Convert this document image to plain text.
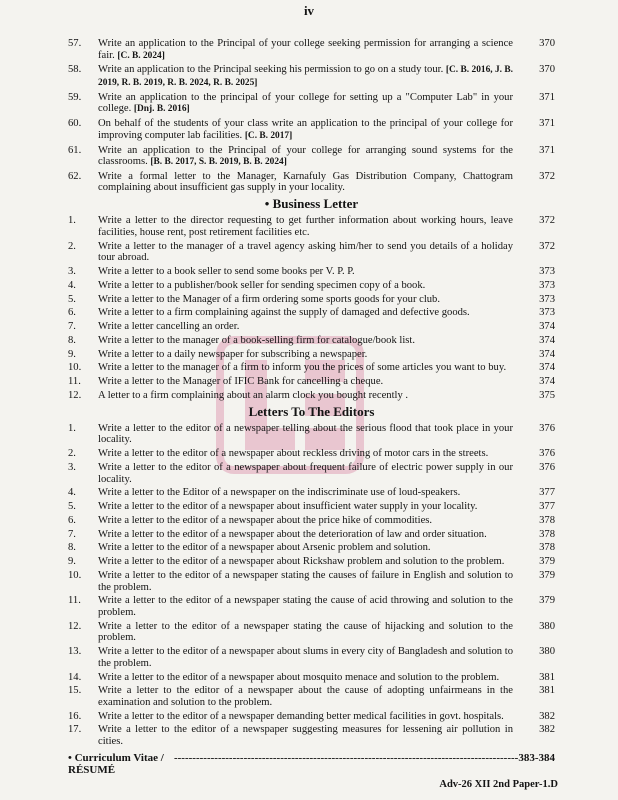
iv
57.	Write an application to the Principal of your college seeking permission for arranging a science fair. [C. B. 2024]
370
58.	Write an application to the Principal seeking his permission to go on a study tour. [C. B. 2016, J. B. 2019, R. B. 2019, R. B. 2024, R. B. 2025]
370
59.	Write an application to the principal of your college for setting up a "Computer Lab" in your college. [Dnj. B. 2016]
371
60.	On behalf of the students of your class write an application to the principal of your college for improving computer lab facilities. [C. B. 2017]
371
61.	Write an application to the Principal of your college for arranging sound systems for the classrooms. [B. B. 2017, S. B. 2019, B. B. 2024]
371
62.	Write a formal letter to the Manager, Karnafuly Gas Distribution Company, Chattogram complaining about insufficient gas supply in your locality.
372
• Business Letter
1.	Write a letter to the director requesting to get further information about working hours, leave facilities, house rent, post retirement facilities etc.
372
2.	Write a letter to the manager of a travel agency asking him/her to send you details of a holiday tour abroad.
372
3.	Write a letter to a book seller to send some books per V. P. P.	373
4.	Write a letter to a publisher/book seller for sending specimen copy of a book.	373
5.	Write a letter to the Manager of a firm ordering some sports goods for your club.	373
6.	Write a letter to a firm complaining against the supply of damaged and defective goods.	373
7.	Write a letter cancelling an order.	374
8.	Write a letter to the manager of a book-selling firm for catalogue/book list.	374
9.	Write a letter to a daily newspaper for subscribing a newspaper.	374
10.	Write a letter to the manager of a firm to inform you the prices of some articles you want to buy.	374
11.	Write a letter to the Manager of IFIC Bank for cancelling a cheque.	374
12.	A letter to a firm complaining about an alarm clock you bought recently .	375
Letters To The Editors
1.	Write a letter to the editor of a newspaper telling about the serious flood that took place in your locality.
376
2.	Write a letter to the editor of a newspaper about reckless driving of motor cars in the streets.	376
3.	Write a letter to the editor of a newspaper about frequent failure of electric power supply in our locality.
376
4.	Write a letter to the Editor of a newspaper on the indiscriminate use of loud-speakers.	377
5.	Write a letter to the editor of a newspaper about insufficient water supply in your locality.	377
6.	Write a letter to the editor of a newspaper about the price hike of commodities.	378
7.	Write a letter to the editor of a newspaper about the deterioration of law and order situation.	378
8.	Write a letter to the editor of a newspaper about Arsenic problem and solution.	378
9.	Write a letter to the editor of a newspaper about Rickshaw problem and solution to the problem.	379
10.	Write a letter to the editor of a newspaper stating the causes of failure in English and solution to the problem.
379
11.	Write a letter to the editor of a newspaper stating the cause of acid throwing and solution to the problem.
379
12.	Write a letter to the editor of a newspaper stating the cause of hijacking and solution to the problem.
380
13.	Write a letter to the editor of a newspaper about slums in every city of Bangladesh and solution to the problem.
380
14.	Write a letter to the editor of a newspaper about mosquito menace and solution to the problem.	381
15.	Write a letter to the editor of a newspaper about the cause of adopting unfairmeans in the examination and solution to the problem.
381
16.	Write a letter to the editor of a newspaper demanding better medical facilities in govt. hospitals.	382
17.	Write a letter to the editor of a newspaper suggesting measures for lessening air pollution in cities.
382
• Curriculum Vitae / RÉSUMÉ
---------------------------------------------------------------------------------------------- 383-384
Adv-26 XII 2nd Paper-1.D
